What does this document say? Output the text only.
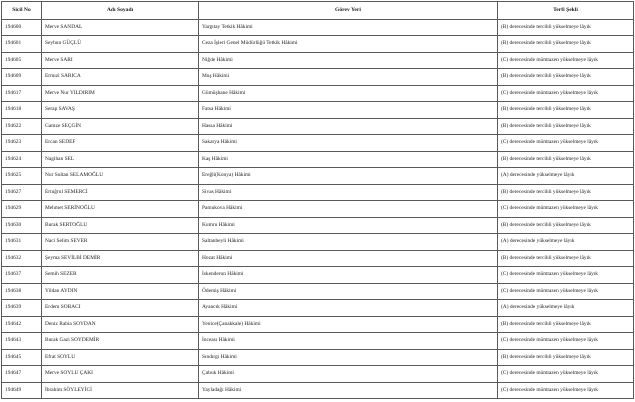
Sicil No	Adı Soyadı	Görev Yeri	Terfi Şekli
194600	Merve SANDAL	Yargıtay Tetkik Hâkimi	(B) derecesinde tercihli yükselmeye lâyık
194601	Seyhun GÜÇLÜ	Ceza İşleri Genel Müdürlüğü Tetkik Hâkimi	(B) derecesinde tercihli yükselmeye lâyık
194605	Merve SARI	Niğde Hâkimi	(C) derecesinde mümtazen yükselmeye lâyık
194609	Ermızi SARICA	Muş Hâkimi	(B) derecesinde tercihli yükselmeye lâyık
194617	Merve Nur YILDIRIM	Gümüşhane Hâkimi	(C) derecesinde mümtazen yükselmeye lâyık
194618	Serap SAVAŞ	Fatsa Hâkimi	(B) derecesinde tercihli yükselmeye lâyık
194622	Gamze SEÇGİN	Hassa Hâkimi	(B) derecesinde tercihli yükselmeye lâyık
194623	Ercan SEDEF	Sakarya Hâkimi	(C) derecesinde mümtazen yükselmeye lâyık
194624	Nagihan SEL	Kaş Hâkimi	(B) derecesinde tercihli yükselmeye lâyık
194625	Nur Sultan SELAMOĞLU	Ereğli(Konya) Hâkimi	(A) derecesinde yükselmeye lâyık
194627	Ertuğrul SEMERCİ	Sivas Hâkimi	(B) derecesinde tercihli yükselmeye lâyık
194629	Mehmet SERİNOĞLU	Pamukova Hâkimi	(C) derecesinde mümtazen yükselmeye lâyık
194630	Burak SERTOĞLU	Kumru Hâkimi	(B) derecesinde tercihli yükselmeye lâyık
194631	Naci Selim SEVER	Saltanbeyli Hâkimi	(A) derecesinde yükselmeye lâyık
194632	Şeyma SEVİLBİ DEMİR	Hozat Hâkimi	(B) derecesinde tercihli yükselmeye lâyık
194637	Semih SEZER	İskenderun Hâkimi	(C) derecesinde mümtazen yükselmeye lâyık
194638	Yildan AYDIN	Ödemiş Hâkimi	(C) derecesinde mümtazen yükselmeye lâyık
194639	Erdem SOBACI	Ayancık Hâkimi	(A) derecesinde yükselmeye lâyık
194642	Deniz Rabia SOYDAN	Yenice(Çanakkale) Hâkimi	(B) derecesinde tercihli yükselmeye lâyık
194643	Burak Gazi SOYDEMİR	İnceası Hâkimi	(C) derecesinde mümtazen yükselmeye lâyık
194645	Efrat SOYLU	Sındırgı Hâkimi	(B) derecesinde tercihli yükselmeye lâyık
194647	Merve SOYLU ÇAKI	Çubuk Hâkimi	(C) derecesinde mümtazen yükselmeye lâyık
194649	İbrahim SÖYLEYİCİ	Yayladağı Hâkimi	(C) derecesinde mümtazen yükselmeye lâyık
